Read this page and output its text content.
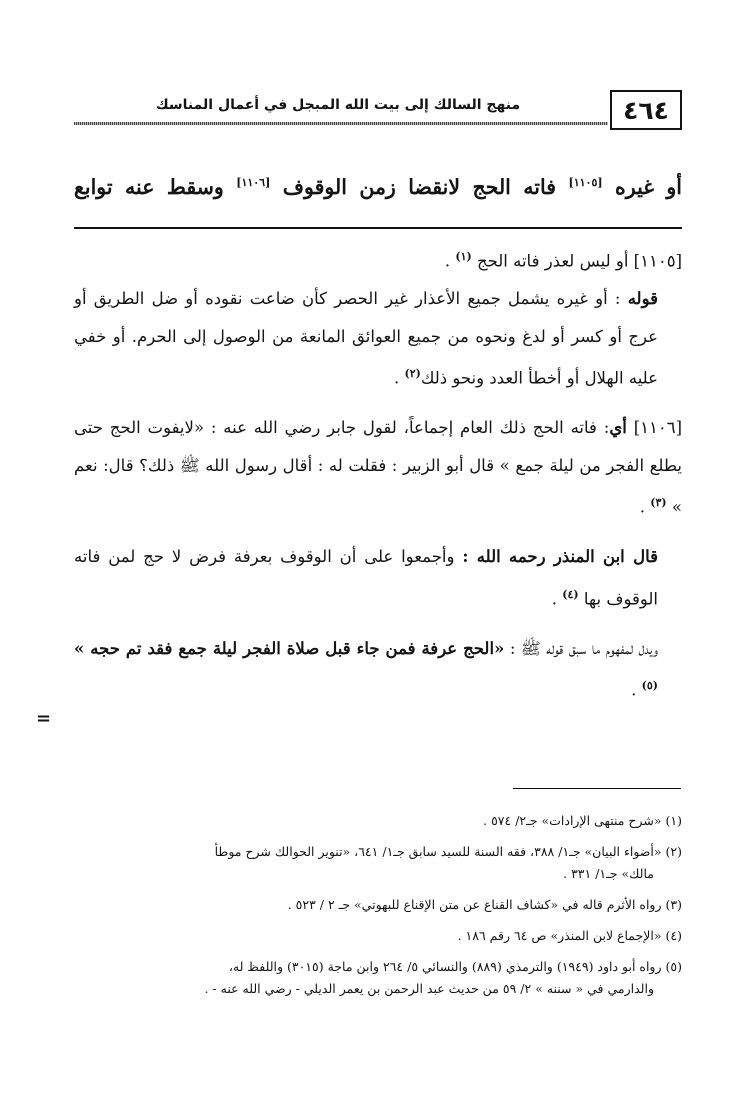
٤٦٤
منهج السالك إلى بيت الله المبجل في أعمال المناسك
أو غيره [١١٠٥] فاته الحج لانقضا زمن الوقوف [١١٠٦] وسقط عنه توابع

[١١٠٥] أو ليس لعذر فاته الحج $^{(١)}$ .

قوله : أو غيره يشمل جميع الأعذار غير الحصر كأن ضاعت نقوده أو ضل الطريق أو عرج أو كسر أو لدغ ونحوه من جميع العوائق المانعة من الوصول إلى الحرم. أو خفي عليه الهلال أو أخطأ العدد ونحو ذلك$^{(٢)}$ .

[١١٠٦] أي: فاته الحج ذلك العام إجماعاً، لقول جابر رضي الله عنه : «لايفوت الحج حتى يطلع الفجر من ليلة جمع » قال أبو الزبير : فقلت له : أقال رسول الله ﷺ ذلك؟ قال: نعم » $^{(٣)}$ .

قال ابن المنذر رحمه الله : وأجمعوا على أن الوقوف بعرفة فرض لا حج لمن فاته الوقوف بها $^{(٤)}$ .

ويدل لمفهوم ما سبق قوله ﷺ : «الحج عرفة فمن جاء قبل صلاة الفجر ليلة جمع فقد تم حجه » $^{(٥)}$ .

=

(١) «شرح منتهى الإرادات» جـ٢/ ٥٧٤ .

(٢) «أضواء البيان» جـ١/ ٣٨٨، فقه السنة للسيد سابق جـ١/ ٦٤١، «تنوير الحوالك شرح موطأ
مالك» جـ١/ ٣٣١ .

(٣) رواه الأثرم قاله في «كشاف القناع عن متن الإقناع للبهوتي» جـ ٢ / ٥٢٣ .

(٤) «الإجماع لابن المنذر» ص ٦٤ رقم ١٨٦ .

(٥) رواه أبو داود (١٩٤٩) والترمذي (٨٨٩) والنسائي ٥/ ٢٦٤ وابن ماجة (٣٠١٥) واللفظ له،
والدارمي في « سننه » ٢/ ٥٩ من حديث عبد الرحمن بن يعمر الديلي - رضي الله عنه - .
